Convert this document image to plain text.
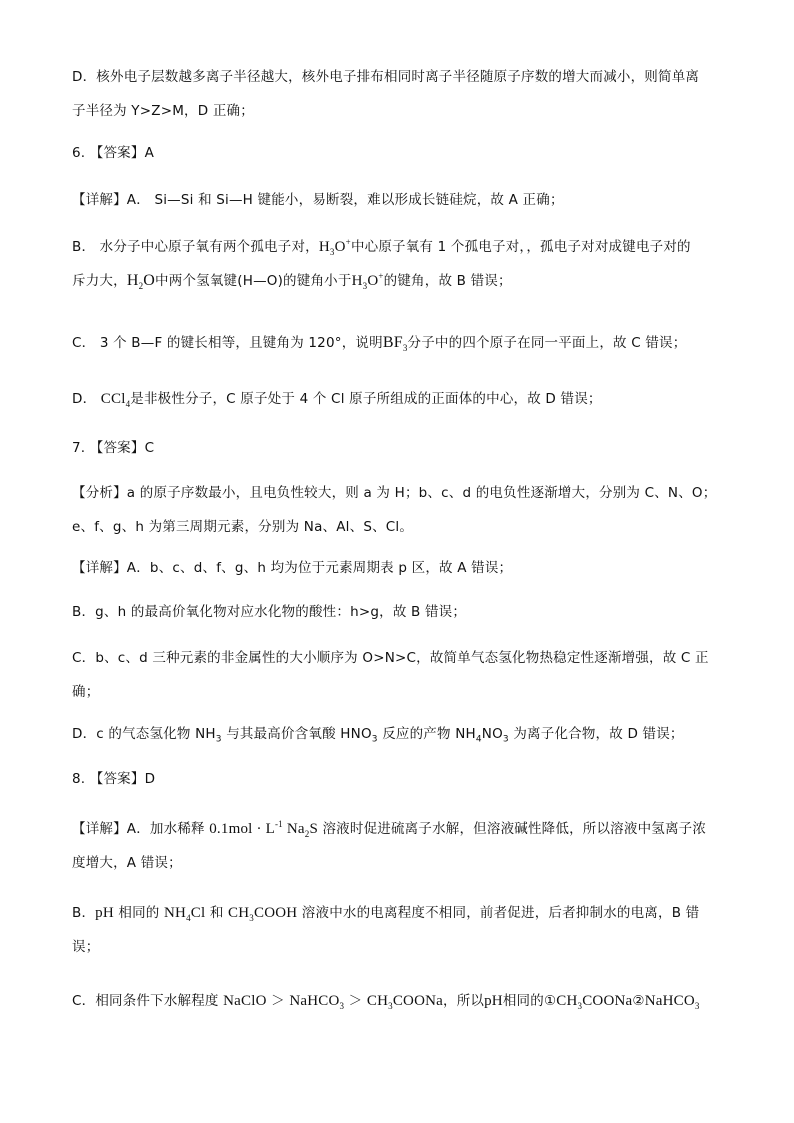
D．核外电子层数越多离子半径越大，核外电子排布相同时离子半径随原子序数的增大而减小，则简单离
子半径为 Y>Z>M，D 正确；
6. 【答案】A
【详解】A． Si—Si 和 Si—H 键能小，易断裂，难以形成长链硅烷，故 A 正确；
B． 水分子中心原子氧有两个孤电子对，$H_3O^+$中心原子氧有 1 个孤电子对，，孤电子对对成键电子对的
斥力大，$H_2O$中两个氢氧键(H—O)的键角小于$H_3O^+$的键角，故 B 错误；
C． 3 个 B—F 的键长相等，且键角为 120°，说明$BF_3$分子中的四个原子在同一平面上，故 C 错误；
D． CCl$_4$是非极性分子，C 原子处于 4 个 Cl 原子所组成的正面体的中心，故 D 错误；
7. 【答案】C
【分析】a 的原子序数最小，且电负性较大，则 a 为 H；b、c、d 的电负性逐渐增大，分别为 C、N、O；
e、f、g、h 为第三周期元素，分别为 Na、Al、S、Cl。
【详解】A．b、c、d、f、g、h 均为位于元素周期表 p 区，故 A 错误；
B．g、h 的最高价氧化物对应水化物的酸性：h>g，故 B 错误；
C．b、c、d 三种元素的非金属性的大小顺序为 O>N>C，故简单气态氢化物热稳定性逐渐增强，故 C 正
确；
D．c 的气态氢化物 $NH_3$ 与其最高价含氧酸 $HNO_3$ 反应的产物 $NH_4NO_3$ 为离子化合物，故 D 错误；
8. 【答案】D
【详解】A．加水稀释 $0.1mol \cdot L^{-1}$ $Na_2S$ 溶液时促进硫离子水解，但溶液碱性降低，所以溶液中氢离子浓
度增大，A 错误；
B．pH 相同的 $NH_4Cl$ 和 $CH_3COOH$ 溶液中水的电离程度不相同，前者促进，后者抑制水的电离，B 错
误；
C．相同条件下水解程度 NaClO ＞ NaHCO$_3$ ＞ $CH_3COONa$，所以pH相同的$①CH_3COONa②NaHCO_3$
